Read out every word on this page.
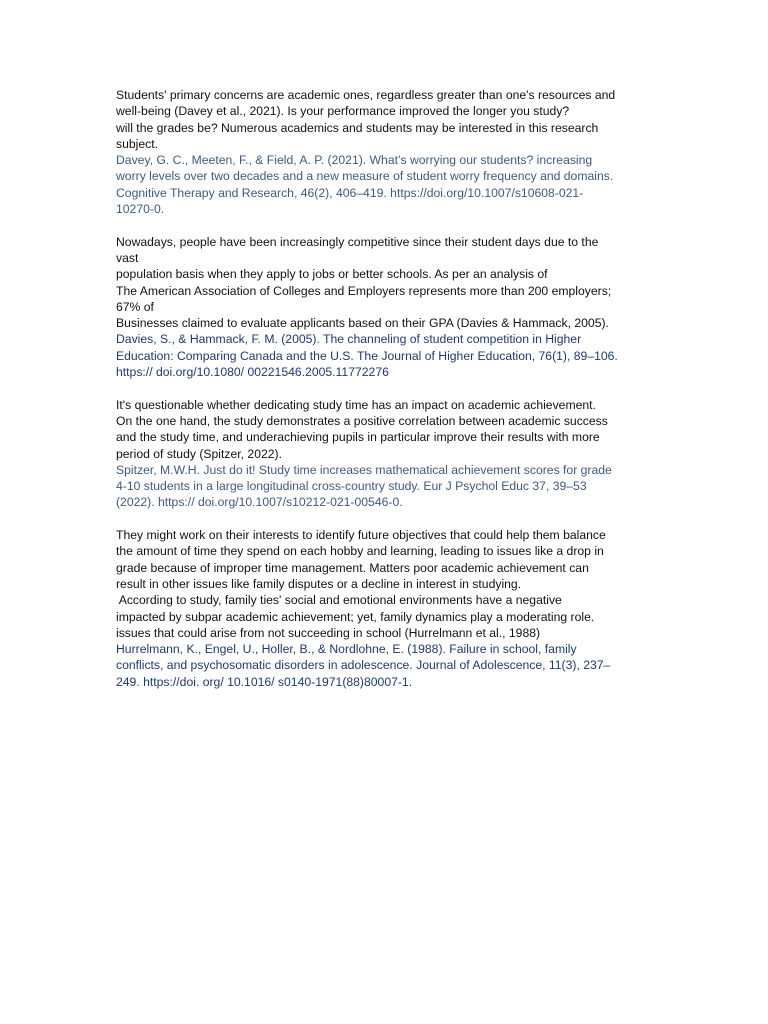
Students' primary concerns are academic ones, regardless greater than one's resources and
well-being (Davey et al., 2021). Is your performance improved the longer you study?
will the grades be? Numerous academics and students may be interested in this research
subject.
Davey, G. C., Meeten, F., & Field, A. P. (2021). What’s worrying our students? increasing
worry levels over two decades and a new measure of student worry frequency and domains.
Cognitive Therapy and Research, 46(2), 406–419. https://doi.org/10.1007/s10608-021-
10270-0.
Nowadays, people have been increasingly competitive since their student days due to the
vast
population basis when they apply to jobs or better schools. As per an analysis of
The American Association of Colleges and Employers represents more than 200 employers;
67% of
Businesses claimed to evaluate applicants based on their GPA (Davies & Hammack, 2005).
Davies, S., & Hammack, F. M. (2005). The channeling of student competition in Higher
Education: Comparing Canada and the U.S. The Journal of Higher Education, 76(1), 89–106.
https:// doi.org/10.1080/ 00221546.2005.11772276
It's questionable whether dedicating study time has an impact on academic achievement.
On the one hand, the study demonstrates a positive correlation between academic success
and the study time, and underachieving pupils in particular improve their results with more
period of study (Spitzer, 2022).
Spitzer, M.W.H. Just do it! Study time increases mathematical achievement scores for grade
4-10 students in a large longitudinal cross-country study. Eur J Psychol Educ 37, 39–53
(2022). https:// doi.org/10.1007/s10212-021-00546-0.
They might work on their interests to identify future objectives that could help them balance
the amount of time they spend on each hobby and learning, leading to issues like a drop in
grade because of improper time management. Matters poor academic achievement can
result in other issues like family disputes or a decline in interest in studying.
According to study, family ties' social and emotional environments have a negative
impacted by subpar academic achievement; yet, family dynamics play a moderating role.
issues that could arise from not succeeding in school (Hurrelmann et al., 1988)
Hurrelmann, K., Engel, U., Holler, B., & Nordlohne, E. (1988). Failure in school, family
conflicts, and psychosomatic disorders in adolescence. Journal of Adolescence, 11(3), 237–
249. https://doi. org/ 10.1016/ s0140-1971(88)80007-1.
